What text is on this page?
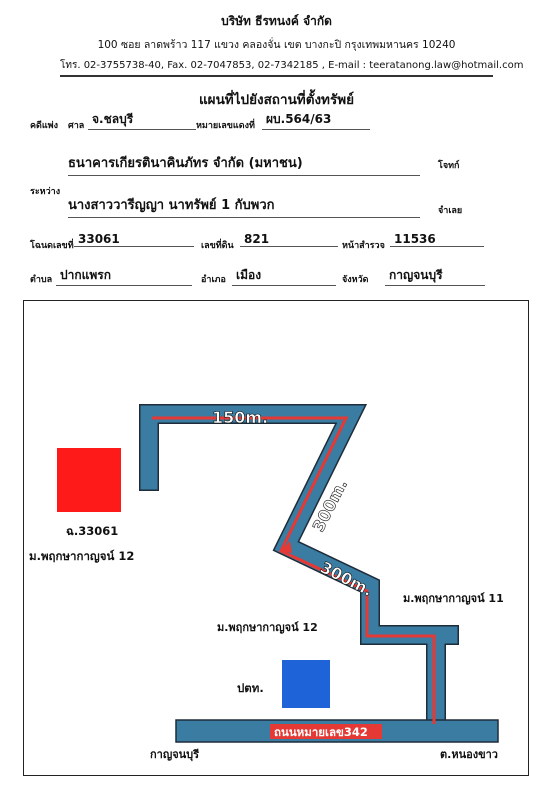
บริษัท ธีรทนงค์ จำกัด
100 ซอย ลาดพร้าว 117 แขวง คลองจั่น เขต บางกะปิ กรุงเทพมหานคร 10240
โทร. 02-3755738-40, Fax. 02-7047853, 02-7342185 , E-mail : teeratanong.law@hotmail.com
แผนที่ไปยังสถานที่ตั้งทรัพย์
คดีแพ่ง ศาล จ.ชลบุรี	หมายเลขแดงที่ ผบ.564/63
ธนาคารเกียรตินาคินภัทร จำกัด (มหาชน)	โจทก์
ระหว่าง
นางสาววารีญญา นาทรัพย์ 1 กับพวก	จำเลย
โฉนดเลขที่ 33061	เลขที่ดิน 821	หน้าสำรวจ 11536
ตำบล ปากแพรก	อำเภอ เมือง	จังหวัด	กาญจนบุรี
150m.
300m.
300m.
ฉ.33061
ม.พฤกษากาญจน์ 12
ม.พฤกษากาญจน์ 11
ม.พฤกษากาญจน์ 12
ปตท.
ถนนหมายเลข342
กาญจนบุรี	ต.หนองขาว
